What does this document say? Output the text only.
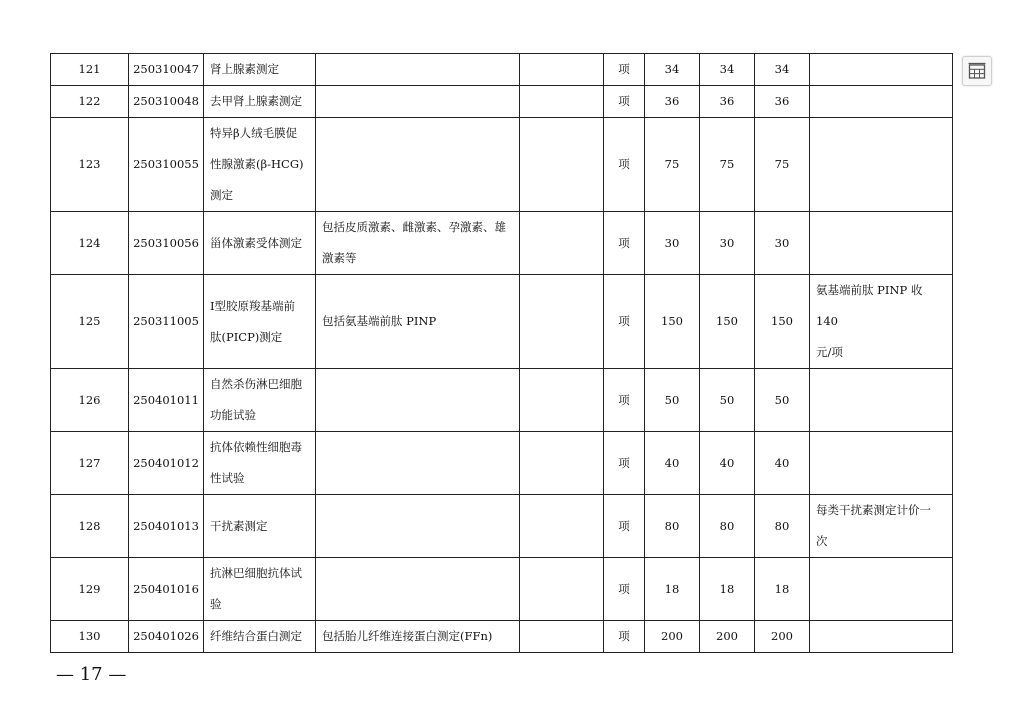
121	250310047	肾上腺素测定			项	34	34	34	
122	250310048	去甲肾上腺素测定			项	36	36	36	
123	250310055	特异β人绒毛膜促
性腺激素(β-HCG)
测定			项	75	75	75	
124	250310056	甾体激素受体测定	包括皮质激素、雌激素、孕激素、雄
激素等		项	30	30	30	
125	250311005	Ⅰ型胶原羧基端前
肽(PICP)测定	包括氨基端前肽 PINP		项	150	150	150	氨基端前肽 PINP 收 140
元/项
126	250401011	自然杀伤淋巴细胞
功能试验			项	50	50	50	
127	250401012	抗体依赖性细胞毒
性试验			项	40	40	40	
128	250401013	干扰素测定			项	80	80	80	每类干扰素测定计价一
次
129	250401016	抗淋巴细胞抗体试
验			项	18	18	18	
130	250401026	纤维结合蛋白测定	包括胎儿纤维连接蛋白测定(FFn)		项	200	200	200	
— 17 —
